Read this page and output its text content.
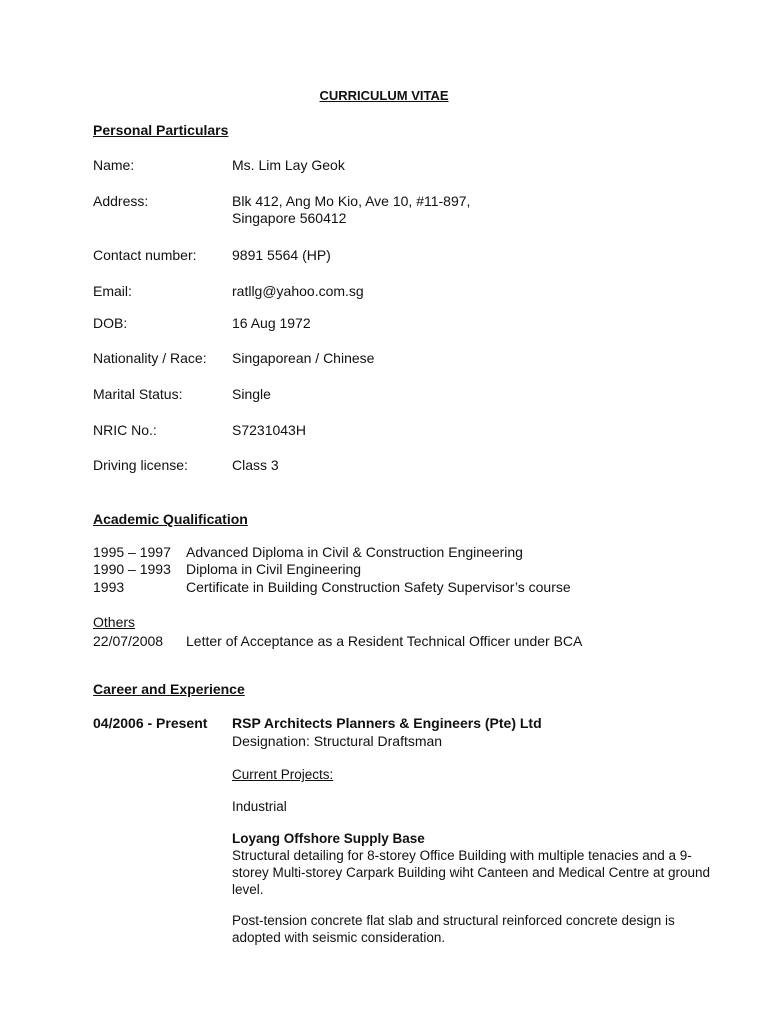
CURRICULUM VITAE
Personal Particulars
Name:	Ms. Lim Lay Geok
Address:	Blk 412, Ang Mo Kio, Ave 10, #11-897,
Singapore 560412
Contact number:	9891 5564 (HP)
Email:	ratllg@yahoo.com.sg
DOB:	16 Aug 1972
Nationality / Race: Singaporean / Chinese
Marital Status:	Single
NRIC No.:	S7231043H
Driving license:	Class 3
Academic Qualification
1995 – 1997 Advanced Diploma in Civil & Construction Engineering
1990 – 1993 Diploma in Civil Engineering
1993	Certificate in Building Construction Safety Supervisor’s course
Others
22/07/2008 Letter of Acceptance as a Resident Technical Officer under BCA
Career and Experience
04/2006 - Present RSP Architects Planners & Engineers (Pte) Ltd
Designation: Structural Draftsman
Current Projects:
Industrial
Loyang Offshore Supply Base
Structural detailing for 8-storey Office Building with multiple tenacies and a 9-storey Multi-storey Carpark Building wiht Canteen and Medical Centre at ground level.
Post-tension concrete flat slab and structural reinforced concrete design is adopted with seismic consideration.
